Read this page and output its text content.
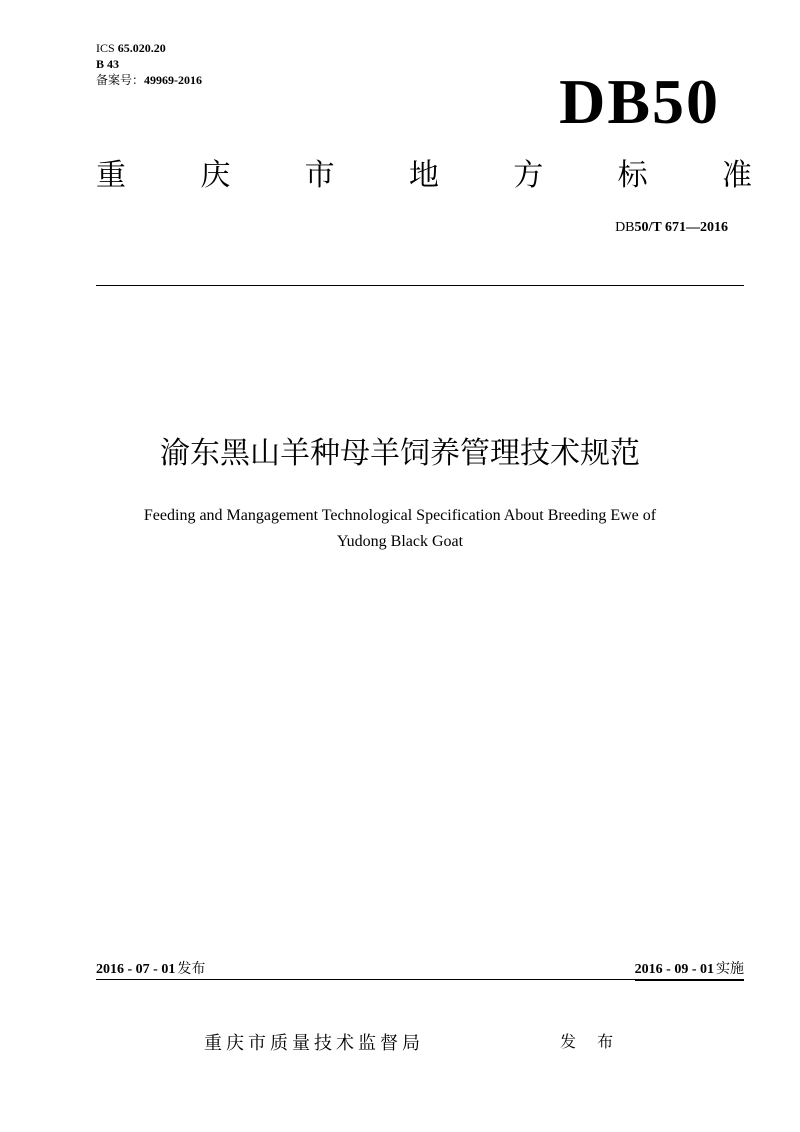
ICS 65.020.20
B 43
备案号：49969-2016	DB50
重 庆 市 地 方 标 准
DB50/T 671—2016
渝东黑山羊种母羊饲养管理技术规范
Feeding and Mangagement Technological Specification About Breeding Ewe of
Yudong Black Goat
2016 - 07 - 01 发布	2016 - 09 - 01 实施
重庆市质量技术监督局	发 布
